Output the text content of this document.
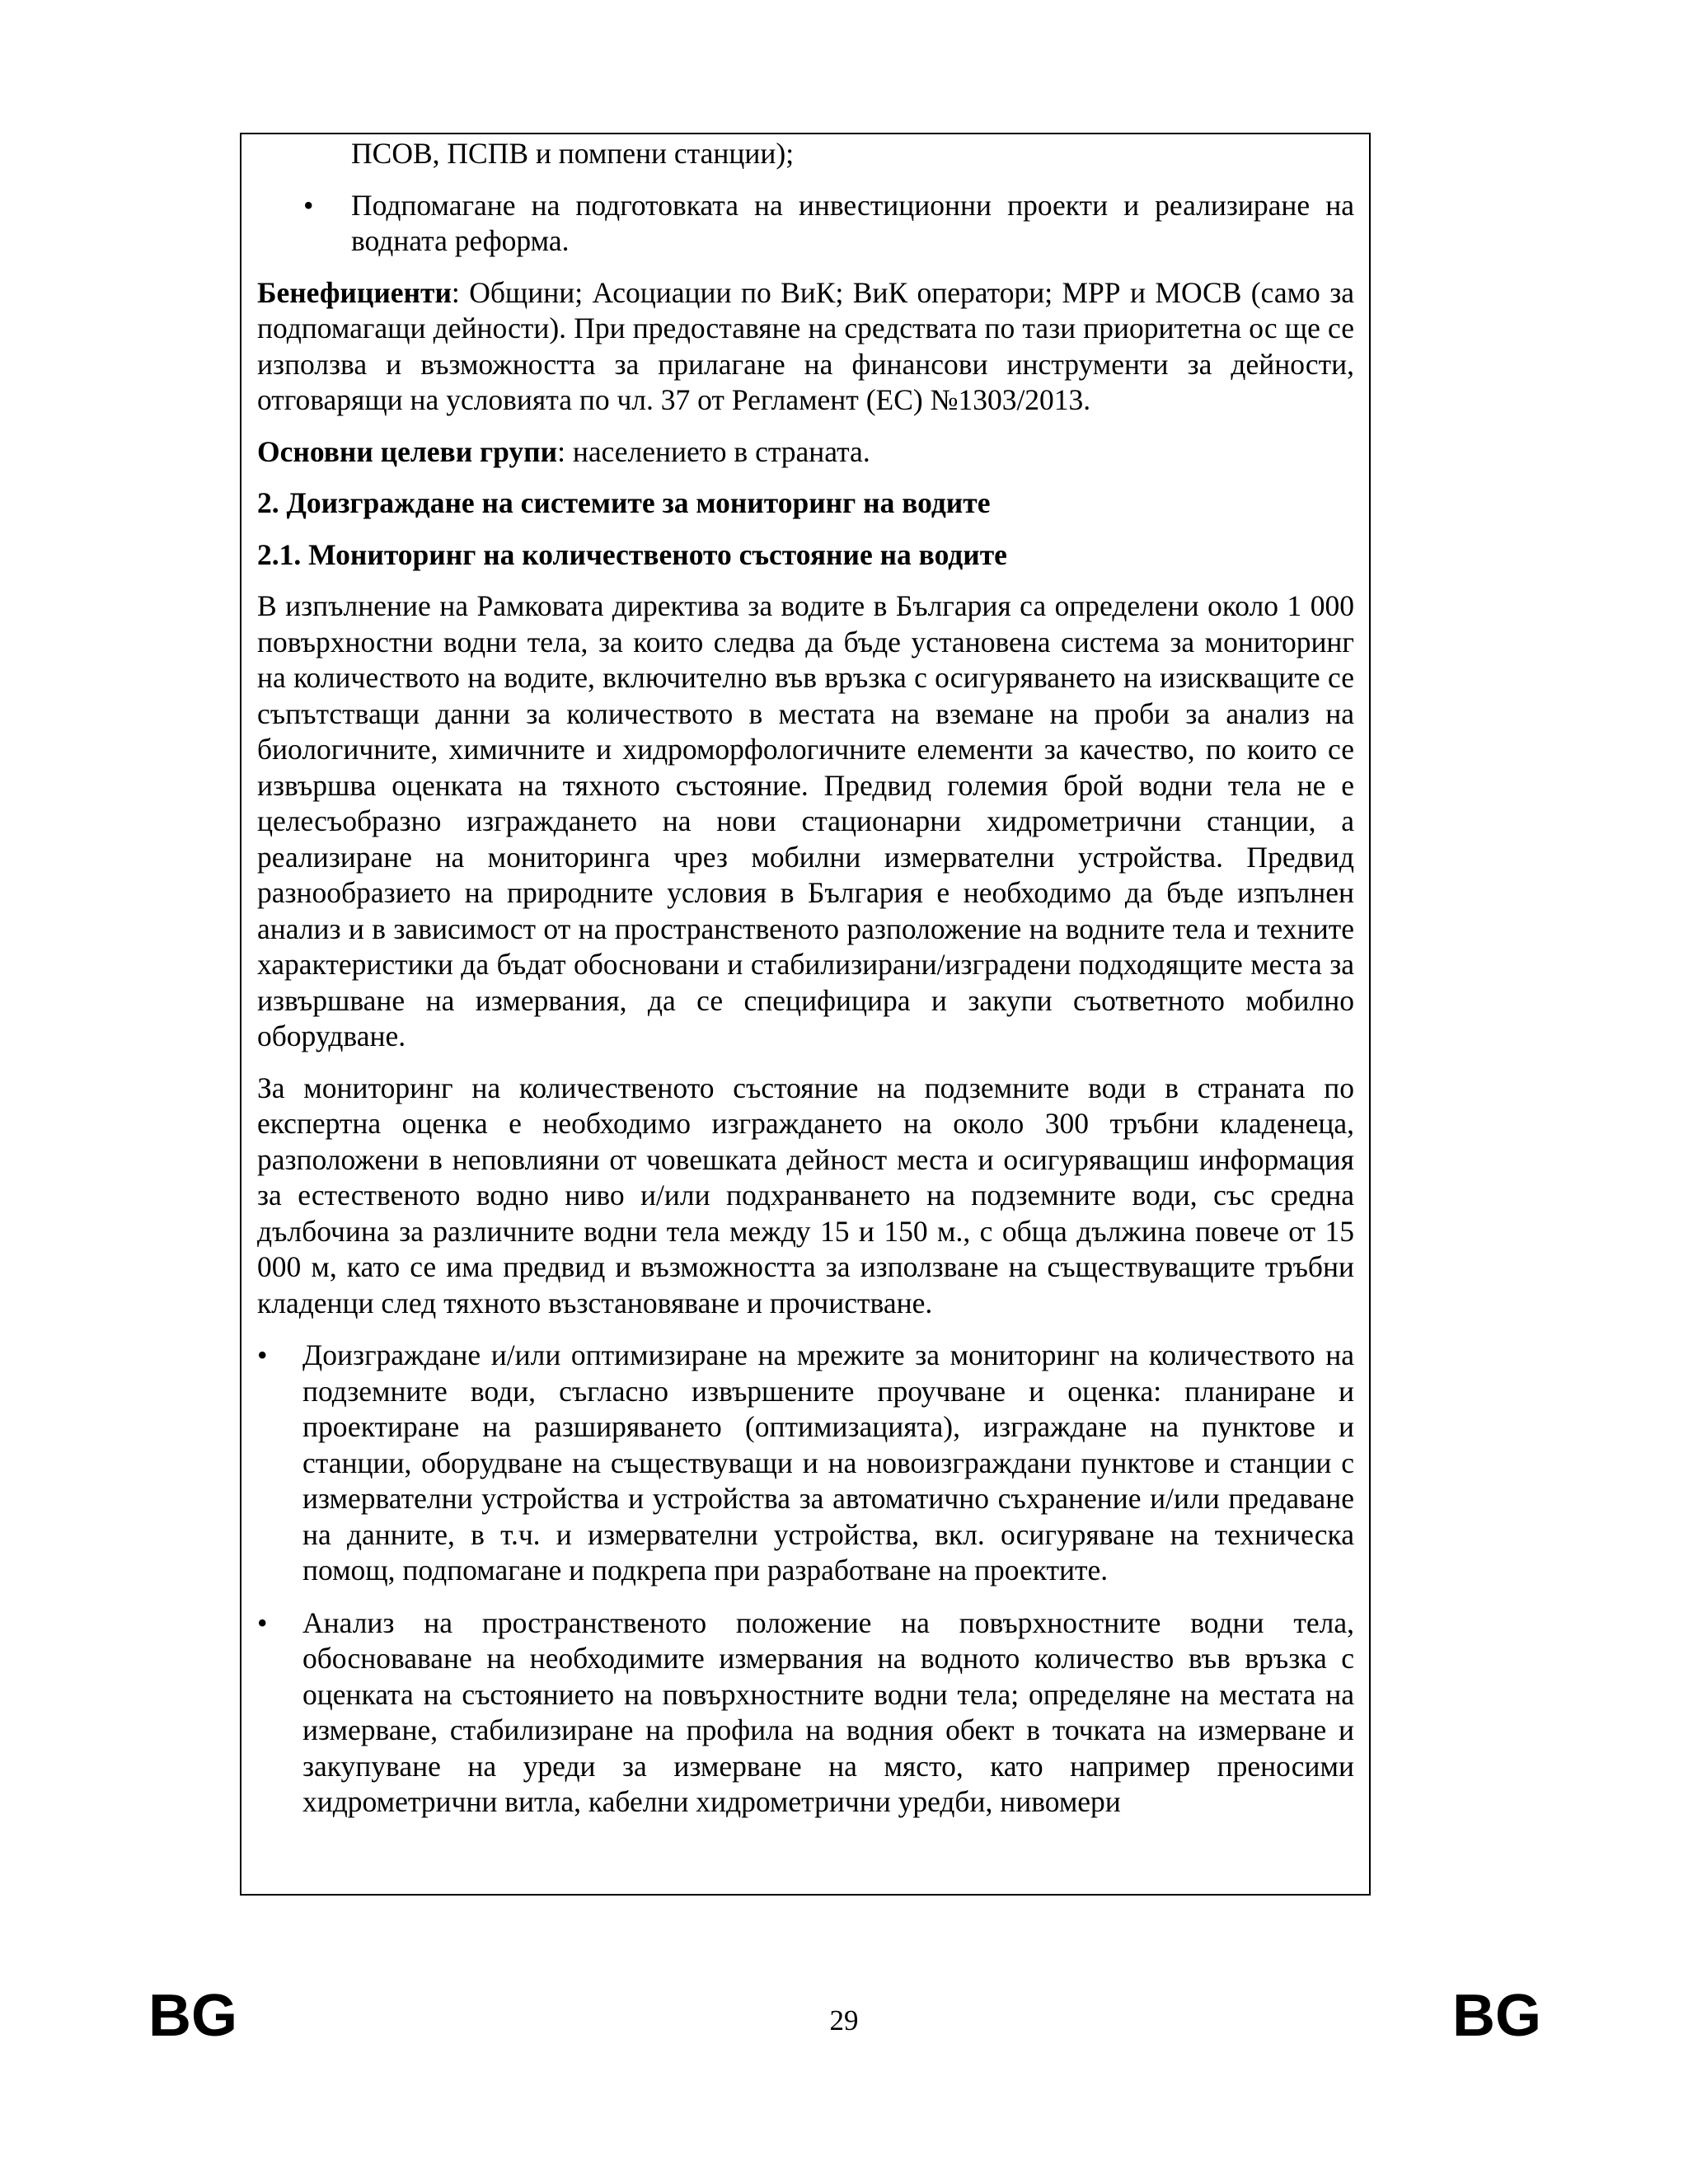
ПСОВ, ПСПВ и помпени станции);

• Подпомагане на подготовката на инвестиционни проекти и реализиране на водната реформа.

Бенефициенти: Общини; Асоциации по ВиК; ВиК оператори; МРР и МОСВ (само за подпомагащи дейности). При предоставяне на средствата по тази приоритетна ос ще се използва и възможността за прилагане на финансови инструменти за дейности, отговарящи на условията по чл. 37 от Регламент (ЕС) №1303/2013.

Основни целеви групи: населението в страната.

2. Доизграждане на системите за мониторинг на водите

2.1. Мониторинг на количественото състояние на водите

В изпълнение на Рамковата директива за водите в България са определени около 1 000 повърхностни водни тела, за които следва да бъде установена система за мониторинг на количеството на водите, включително във връзка с осигуряването на изискващите се съпътстващи данни за количеството в местата на вземане на проби за анализ на биологичните, химичните и хидроморфологичните елементи за качество, по които се извършва оценката на тяхното състояние. Предвид големия брой водни тела не е целесъобразно изграждането на нови стационарни хидрометрични станции, а реализиране на мониторинга чрез мобилни измервателни устройства. Предвид разнообразието на природните условия в България е необходимо да бъде изпълнен анализ и в зависимост от на пространственото разположение на водните тела и техните характеристики да бъдат обосновани и стабилизирани/изградени подходящите места за извършване на измервания, да се специфицира и закупи съответното мобилно оборудване.

За мониторинг на количественото състояние на подземните води в страната по експертна оценка е необходимо изграждането на около 300 тръбни кладенеца, разположени в неповлияни от човешката дейност места и осигуряващиш информация за естественото водно ниво и/или подхранването на подземните води, със средна дълбочина за различните водни тела между 15 и 150 м., с обща дължина повече от 15 000 м, като се има предвид и възможността за използване на съществуващите тръбни кладенци след тяхното възстановяване и прочистване.

• Доизграждане и/или оптимизиране на мрежите за мониторинг на количеството на подземните води, съгласно извършените проучване и оценка: планиране и проектиране на разширяването (оптимизацията), изграждане на пунктове и станции, оборудване на съществуващи и на новоизграждани пунктове и станции с измервателни устройства и устройства за автоматично съхранение и/или предаване на данните, в т.ч. и измервателни устройства, вкл. осигуряване на техническа помощ, подпомагане и подкрепа при разработване на проектите.
• Анализ на пространственото положение на повърхностните водни тела, обосноваване на необходимите измервания на водното количество във връзка с оценката на състоянието на повърхностните водни тела; определяне на местата на измерване, стабилизиране на профила на водния обект в точката на измерване и закупуване на уреди за измерване на място, като например преносими хидрометрични витла, кабелни хидрометрични уредби, нивомери
BG	29	BG
